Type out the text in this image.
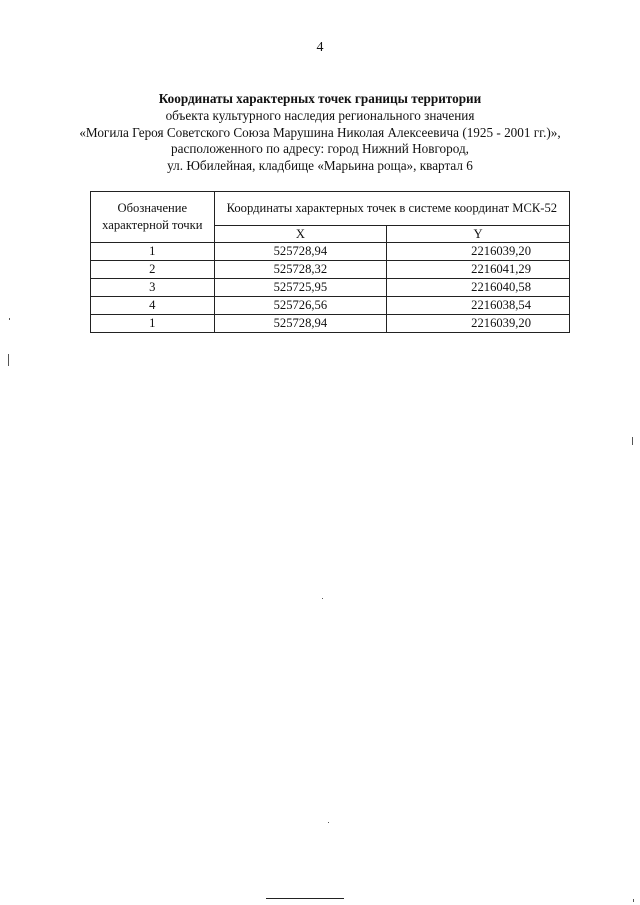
4
Координаты характерных точек границы территории
объекта культурного наследия регионального значения
«Могила Героя Советского Союза Марушина Николая Алексеевича (1925 - 2001 гг.)»,
расположенного по адресу: город Нижний Новгород,
ул. Юбилейная, кладбище «Марьина роща», квартал 6
Обозначение характерной точки	Координаты характерных точек в системе координат МСК-52	
	X	Y
1	525728,94	2216039,20
2	525728,32	2216041,29
3	525725,95	2216040,58
4	525726,56	2216038,54
1	525728,94	2216039,20
